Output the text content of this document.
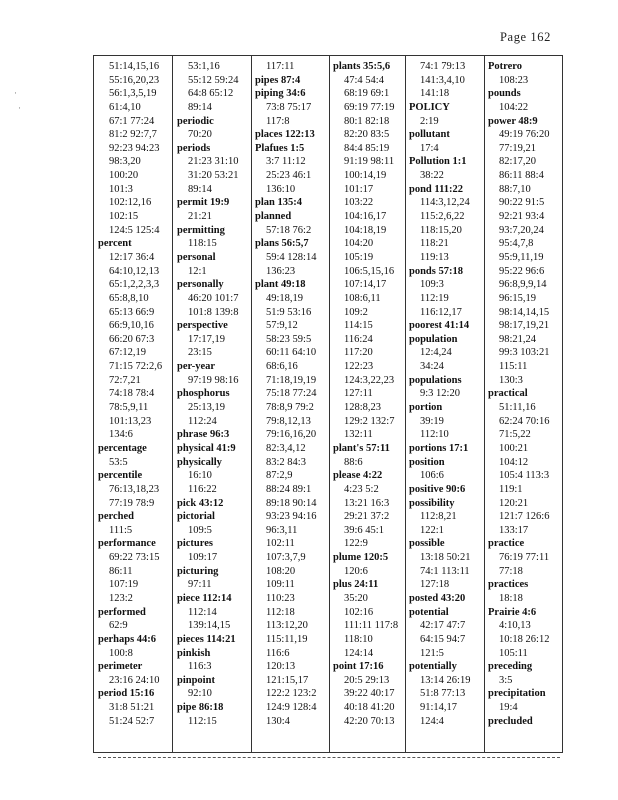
Page 162
51:14,15,16
55:16,20,23
56:1,3,5,19
61:4,10
67:1 77:24
81:2 92:7,7
92:23 94:23
98:3,20
100:20
101:3
102:12,16
102:15
124:5 125:4
percent
12:17 36:4
64:10,12,13
65:1,2,2,3,3
65:8,8,10
65:13 66:9
66:9,10,16
66:20 67:3
67:12,19
71:15 72:2,6
72:7,21
74:18 78:4
78:5,9,11
101:13,23
134:6
percentage
53:5
percentile
76:13,18,23
77:19 78:9
perched
111:5
performance
69:22 73:15
86:11
107:19
123:2
performed
62:9
perhaps 44:6
100:8
perimeter
23:16 24:10
period 15:16
31:8 51:21
51:24 52:7
53:1,16
55:12 59:24
64:8 65:12
89:14
periodic
70:20
periods
21:23 31:10
31:20 53:21
89:14
permit 19:9
21:21
permitting
118:15
personal
12:1
personally
46:20 101:7
101:8 139:8
perspective
17:17,19
23:15
per-year
97:19 98:16
phosphorus
25:13,19
112:24
phrase 96:3
physical 41:9
physically
16:10
116:22
pick 43:12
pictorial
109:5
pictures
109:17
picturing
97:11
piece 112:14
112:14
139:14,15
pieces 114:21
pinkish
116:3
pinpoint
92:10
pipe 86:18
112:15
117:11
pipes 87:4
piping 34:6
73:8 75:17
117:8
places 122:13
Plafues 1:5
3:7 11:12
25:23 46:1
136:10
plan 135:4
planned
57:18 76:2
plans 56:5,7
59:4 128:14
136:23
plant 49:18
49:18,19
51:9 53:16
57:9,12
58:23 59:5
60:11 64:10
68:6,16
71:18,19,19
75:18 77:24
78:8,9 79:2
79:8,12,13
79:16,16,20
82:3,4,12
83:2 84:3
87:2,9
88:24 89:1
89:18 90:14
93:23 94:16
96:3,11
102:11
107:3,7,9
108:20
109:11
110:23
112:18
113:12,20
115:11,19
116:6
120:13
121:15,17
122:2 123:2
124:9 128:4
130:4
plants 35:5,6
47:4 54:4
68:19 69:1
69:19 77:19
80:1 82:18
82:20 83:5
84:4 85:19
91:19 98:11
100:14,19
101:17
103:22
104:16,17
104:18,19
104:20
105:19
106:5,15,16
107:14,17
108:6,11
109:2
114:15
116:24
117:20
122:23
124:3,22,23
127:11
128:8,23
129:2 132:7
132:11
plant's 57:11
88:6
please 4:22
4:23 5:2
13:21 16:3
29:21 37:2
39:6 45:1
122:9
plume 120:5
120:6
plus 24:11
35:20
102:16
111:11 117:8
118:10
124:14
point 17:16
20:5 29:13
39:22 40:17
40:18 41:20
42:20 70:13
74:1 79:13
141:3,4,10
141:18
POLICY
2:19
pollutant
17:4
Pollution 1:1
38:22
pond 111:22
114:3,12,24
115:2,6,22
118:15,20
118:21
119:13
ponds 57:18
109:3
112:19
116:12,17
poorest 41:14
population
12:4,24
34:24
populations
9:3 12:20
portion
39:19
112:10
portions 17:1
position
106:6
positive 90:6
possibility
112:8,21
122:1
possible
13:18 50:21
74:1 113:11
127:18
posted 43:20
potential
42:17 47:7
64:15 94:7
121:5
potentially
13:14 26:19
51:8 77:13
91:14,17
124:4
Potrero
108:23
pounds
104:22
power 48:9
49:19 76:20
77:19,21
82:17,20
86:11 88:4
88:7,10
90:22 91:5
92:21 93:4
93:7,20,24
95:4,7,8
95:9,11,19
95:22 96:6
96:8,9,9,14
96:15,19
98:14,14,15
98:17,19,21
98:21,24
99:3 103:21
115:11
130:3
practical
51:11,16
62:24 70:16
71:5,22
100:21
104:12
105:4 113:3
119:1
120:21
121:7 126:6
133:17
practice
76:19 77:11
77:18
practices
18:18
Prairie 4:6
4:10,13
10:18 26:12
105:11
preceding
3:5
precipitation
19:4
precluded
·
·
